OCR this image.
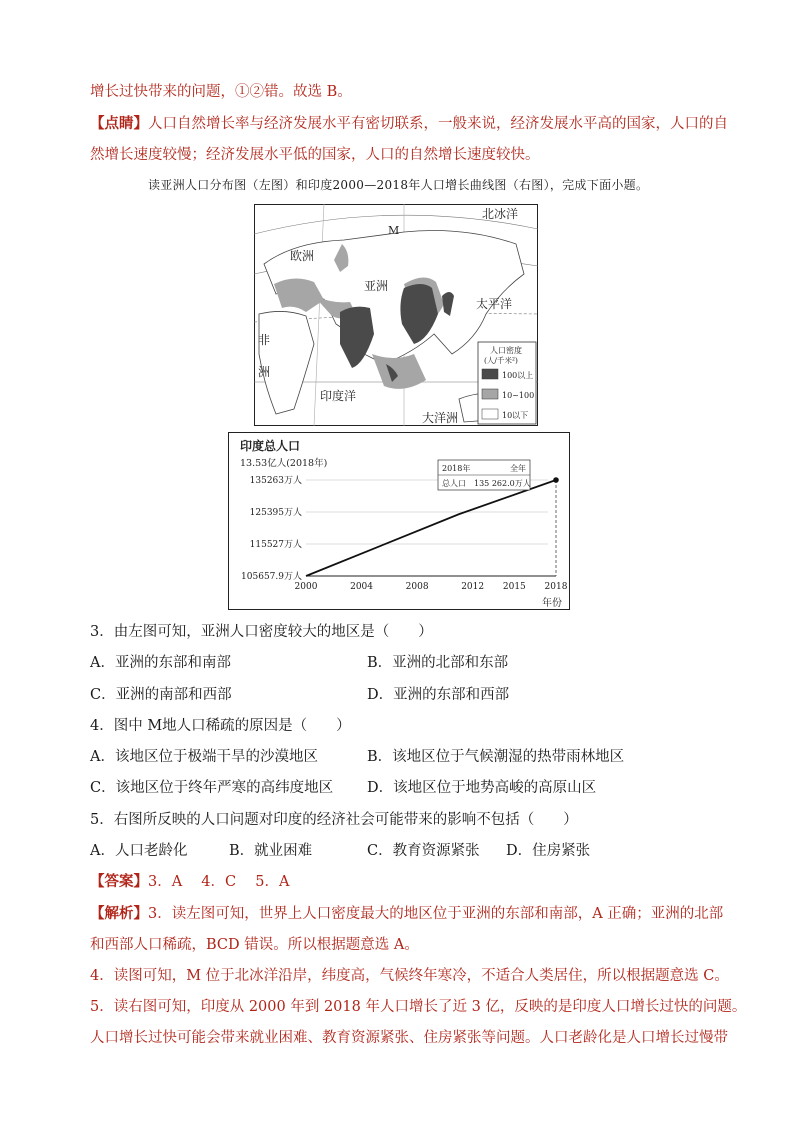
增长过快带来的问题，①②错。故选 B。
【点睛】人口自然增长率与经济发展水平有密切联系，一般来说，经济发展水平高的国家，人口的自
然增长速度较慢；经济发展水平低的国家，人口的自然增长速度较快。
读亚洲人口分布图（左图）和印度2000—2018年人口增长曲线图（右图），完成下面小题。
北冰洋
M
欧洲
亚洲
太平洋
非
洲
印度洋
大洋洲
人口密度
(人/千米²)
100以上
10~100
10以下
印度总人口
13.53亿人(2018年)
105657.9万人
115527万人
125395万人
135263万人
2000	2004	2008	2012 2015 2018
2018年	全年
总人口 135 262.0万人
年份
3．由左图可知，亚洲人口密度较大的地区是（　　）
A．亚洲的东部和南部	B．亚洲的北部和东部
C．亚洲的南部和西部	D．亚洲的东部和西部
4．图中 M地人口稀疏的原因是（　　）
A．该地区位于极端干旱的沙漠地区	B．该地区位于气候潮湿的热带雨林地区
C．该地区位于终年严寒的高纬度地区 D．该地区位于地势高峻的高原山区
5．右图所反映的人口问题对印度的经济社会可能带来的影响不包括（　　）
A．人口老龄化	B．就业困难	C．教育资源紧张 D．住房紧张
【答案】3．A　 4．C　 5．A
【解析】3．读左图可知，世界上人口密度最大的地区位于亚洲的东部和南部，A 正确；亚洲的北部
和西部人口稀疏，BCD 错误。所以根据题意选 A。
4．读图可知，M 位于北冰洋沿岸，纬度高，气候终年寒冷，不适合人类居住，所以根据题意选 C。
5．读右图可知，印度从 2000 年到 2018 年人口增长了近 3 亿，反映的是印度人口增长过快的问题。
人口增长过快可能会带来就业困难、教育资源紧张、住房紧张等问题。人口老龄化是人口增长过慢带
